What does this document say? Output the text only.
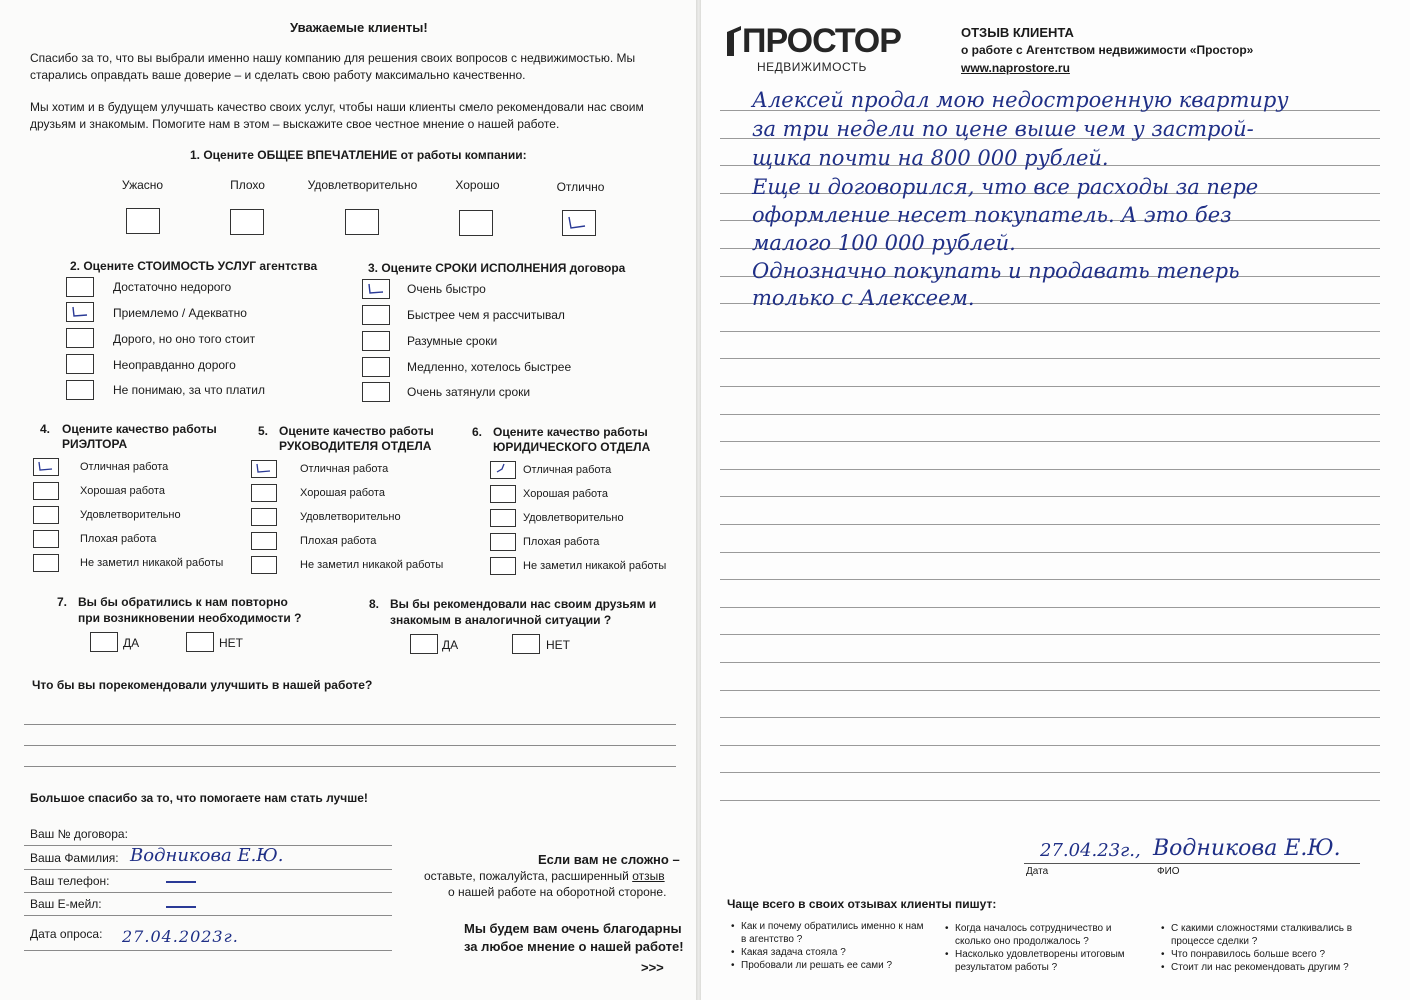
Уважаемые клиенты!
Спасибо за то, что вы выбрали именно нашу компанию для решения своих вопросов с недвижимостью. Мы старались оправдать ваше доверие – и сделать свою работу максимально качественно.
Мы хотим и в будущем улучшать качество своих услуг, чтобы наши клиенты смело рекомендовали нас своим друзьям и знакомым. Помогите нам в этом – выскажите свое честное мнение о нашей работе.
1. Оцените ОБЩЕЕ ВПЕЧАТЛЕНИЕ от работы компании:
Ужасно	Плохо	Удовлетворительно	Хорошо	Отлично
2. Оцените СТОИМОСТЬ УСЛУГ агентства
Достаточно недорого
Приемлемо / Адекватно
Дорого, но оно того стоит
Неоправданно дорого
Не понимаю, за что платил
3. Оцените СРОКИ ИСПОЛНЕНИЯ договора
Очень быстро
Быстрее чем я рассчитывал
Разумные сроки
Медленно, хотелось быстрее
Очень затянули сроки
4. Оцените качество работы
РИЭЛТОРА
Отличная работа
Хорошая работа
Удовлетворительно
Плохая работа
Не заметил никакой работы
5. Оцените качество работы
РУКОВОДИТЕЛЯ ОТДЕЛА
Отличная работа
Хорошая работа
Удовлетворительно
Плохая работа
Не заметил никакой работы
6. Оцените качество работы
ЮРИДИЧЕСКОГО ОТДЕЛА
Отличная работа
Хорошая работа
Удовлетворительно
Плохая работа
Не заметил никакой работы
7. Вы бы обратились к нам повторно
при возникновении необходимости ?
ДА	НЕТ
8. Вы бы рекомендовали нас своим друзьям и
знакомым в аналогичной ситуации ?
ДА	НЕТ
Что бы вы порекомендовали улучшить в нашей работе?
Большое спасибо за то, что помогаете нам стать лучше!
Ваш № договора:
Ваша Фамилия: Водникова Е.Ю.
Ваш телефон:
Ваш Е-мейл:
Дата опроса: 27.04.2023г.
Если вам не сложно –
оставьте, пожалуйста, расширенный отзыв
о нашей работе на оборотной стороне.
Мы будем вам очень благодарны
за любое мнение о нашей работе!
>>>
ПРОСТОР
НЕДВИЖИМОСТЬ
ОТЗЫВ КЛИЕНТА
о работе с Агентством недвижимости «Простор»
www.naprostore.ru
Алексей продал мою недостроенную квартиру
за три недели по цене выше чем у застрой-
щика почти на 800 000 рублей.
Еще и договорился, что все расходы за пере
оформление несет покупатель. А это без
малого 100 000 рублей.
Однозначно покупать и продавать теперь
только с Алексеем.
27.04.23г., Водникова Е.Ю.
Дата	ФИО
Чаще всего в своих отзывах клиенты пишут:
• Как и почему обратились именно к нам в агентство ?
• Какая задача стояла ?
• Пробовали ли решать ее сами ?
• Когда началось сотрудничество и сколько оно продолжалось ?
• Насколько удовлетворены итоговым результатом работы ?
• С какими сложностями сталкивались в процессе сделки ?
• Что понравилось больше всего ?
• Стоит ли нас рекомендовать другим ?
